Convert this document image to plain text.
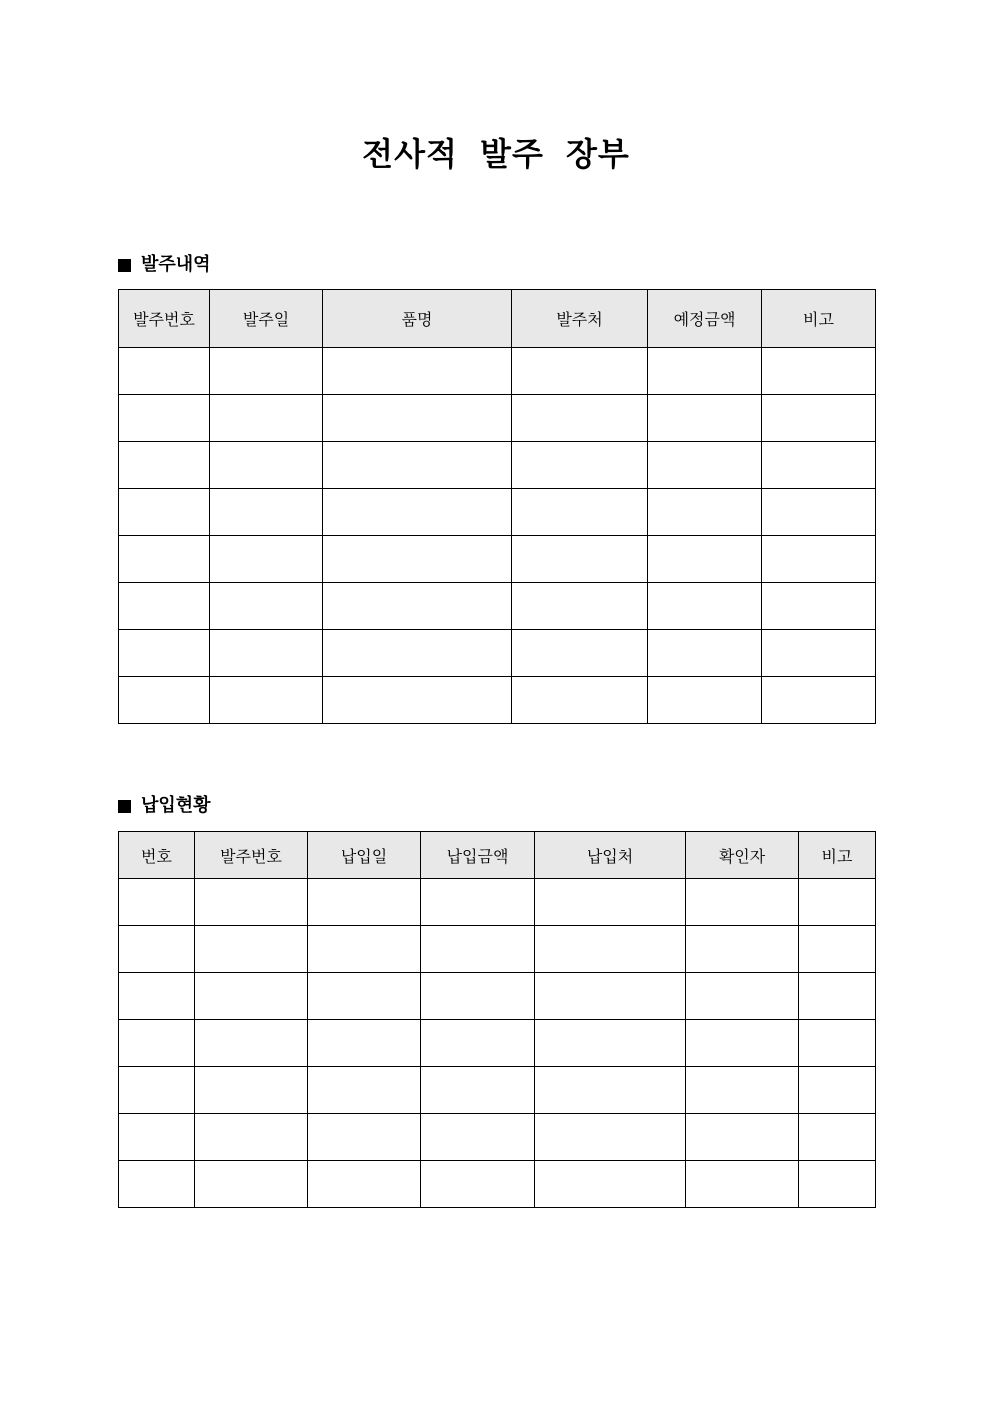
전사적 발주 장부
발주내역
발주번호	발주일	품명	발주처	예정금액	비고

납입현황
번호	발주번호	납입일	납입금액	납입처	확인자	비고
